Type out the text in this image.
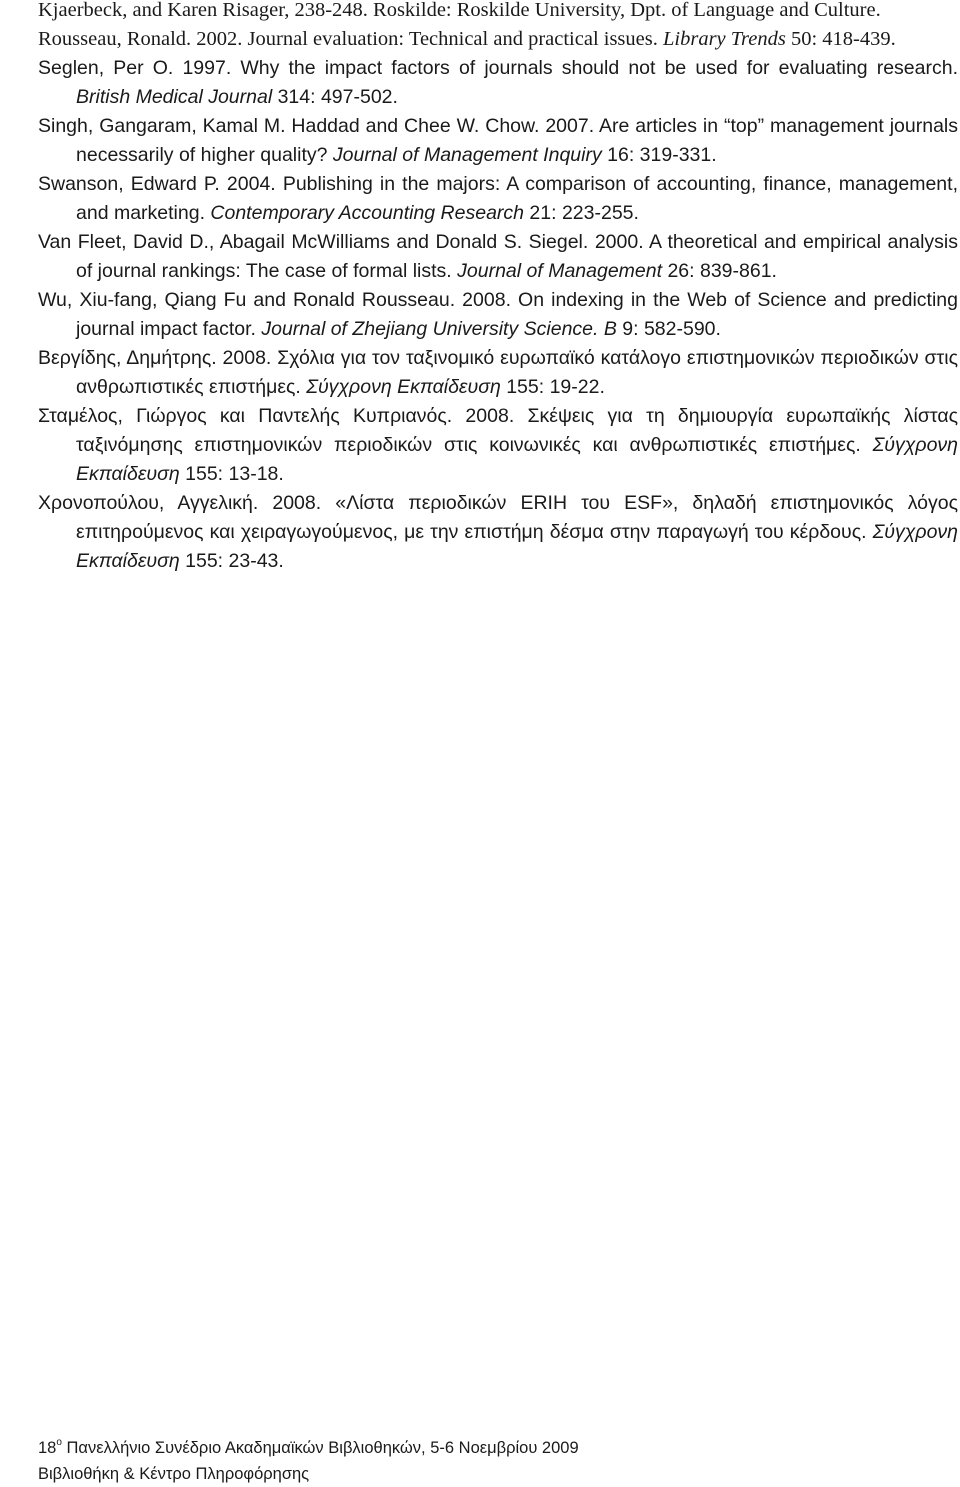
Kjaerbeck, and Karen Risager, 238-248. Roskilde: Roskilde University, Dpt. of Language and Culture.

Rousseau, Ronald. 2002. Journal evaluation: Technical and practical issues. Library Trends 50: 418-439.

Seglen, Per O. 1997. Why the impact factors of journals should not be used for evaluating research. British Medical Journal 314: 497-502.

Singh, Gangaram, Kamal M. Haddad and Chee W. Chow. 2007. Are articles in “top” management journals necessarily of higher quality? Journal of Management Inquiry 16: 319-331.

Swanson, Edward P. 2004. Publishing in the majors: A comparison of accounting, finance, management, and marketing. Contemporary Accounting Research 21: 223-255.

Van Fleet, David D., Abagail McWilliams and Donald S. Siegel. 2000. A theoretical and empirical analysis of journal rankings: The case of formal lists. Journal of Management 26: 839-861.

Wu, Xiu-fang, Qiang Fu and Ronald Rousseau. 2008. On indexing in the Web of Science and predicting journal impact factor. Journal of Zhejiang University Science. B 9: 582-590.

Βεργίδης, Δημήτρης. 2008. Σχόλια για τον ταξινομικό ευρωπαϊκό κατάλογο επιστημονικών περιοδικών στις ανθρωπιστικές επιστήμες. Σύγχρονη Εκπαίδευση 155: 19-22.

Σταμέλος, Γιώργος και Παντελής Κυπριανός. 2008. Σκέψεις για τη δημιουργία ευρωπαϊκής λίστας ταξινόμησης επιστημονικών περιοδικών στις κοινωνικές και ανθρωπιστικές επιστήμες. Σύγχρονη Εκπαίδευση 155: 13-18.

Χρονοπούλου, Αγγελική. 2008. «Λίστα περιοδικών ERIH του ESF», δηλαδή επιστημονικός λόγος επιτηρούμενος και χειραγωγούμενος, με την επιστήμη δέσμα στην παραγωγή του κέρδους. Σύγχρονη Εκπαίδευση 155: 23-43.

$18^o$ Πανελλήνιο Συνέδριο Ακαδημαϊκών Βιβλιοθηκών, 5-6 Νοεμβρίου 2009
Βιβλιοθήκη & Κέντρο Πληροφόρησης
